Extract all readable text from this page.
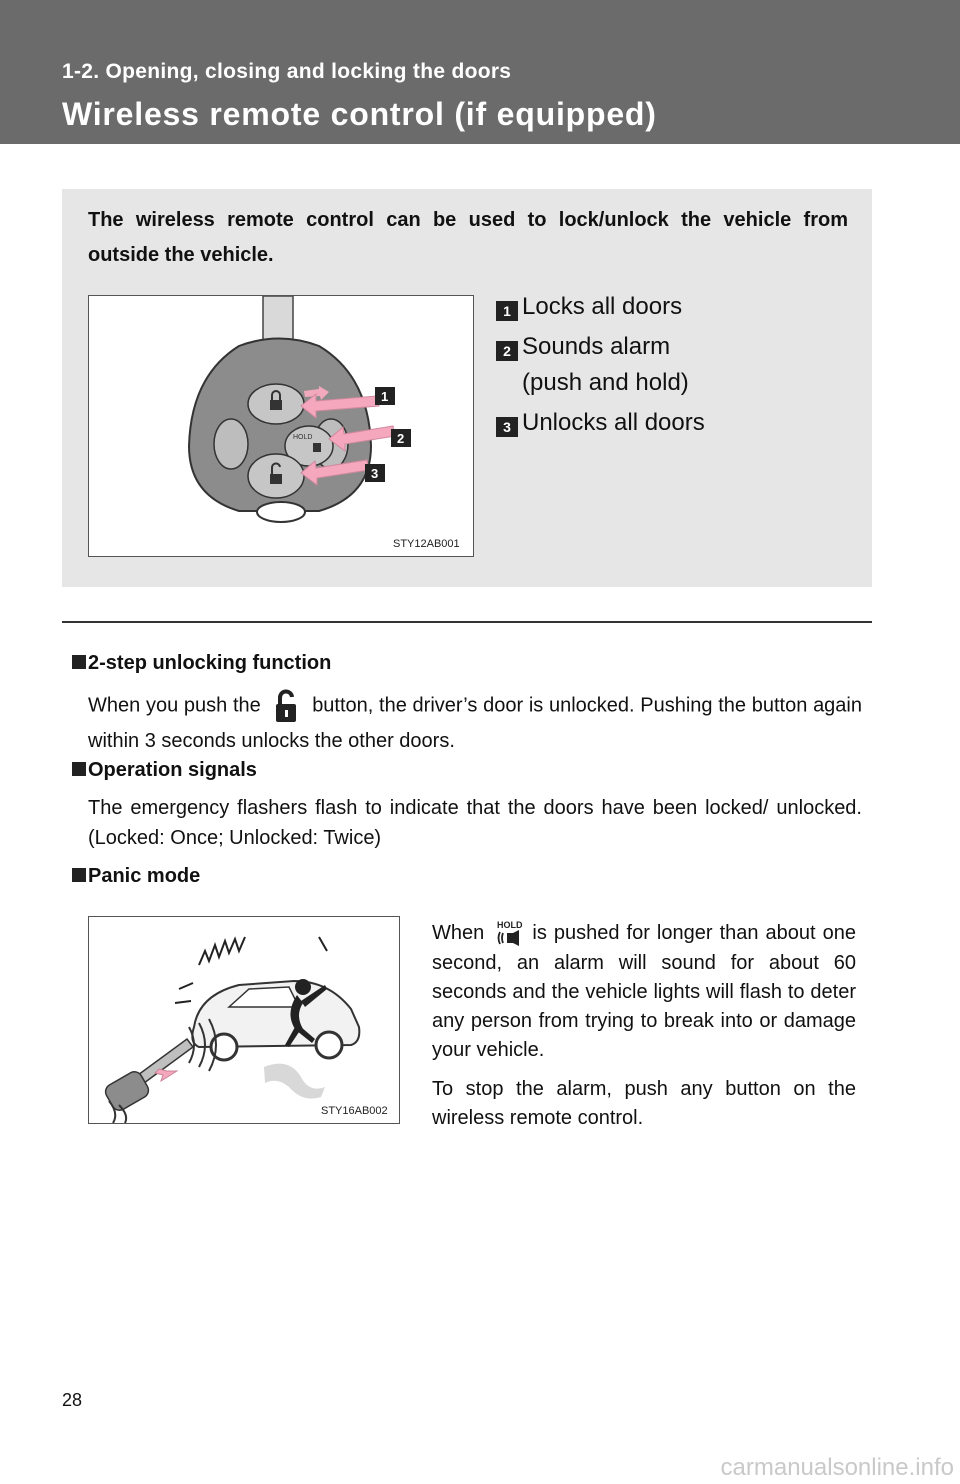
1-2. Opening, closing and locking the doors
Wireless remote control (if equipped)
The wireless remote control can be used to lock/unlock the vehicle from outside the vehicle.
HOLD
1
2
3
STY12AB001
1 Locks all doors
2 Sounds alarm
(push and hold)
3 Unlocks all doors
2-step unlocking function
When you push the	button, the driver’s door is unlocked. Pushing the button again within 3 seconds unlocks the other doors.
Operation signals
The emergency flashers flash to indicate that the doors have been locked/ unlocked. (Locked: Once; Unlocked: Twice)
Panic mode
STY16AB002
When HOLD is pushed for longer than about one second, an alarm will sound for about 60 seconds and the vehicle lights will flash to deter any person from trying to break into or damage your vehicle.
To stop the alarm, push any button on the wireless remote control.
28
carmanualsonline.info
